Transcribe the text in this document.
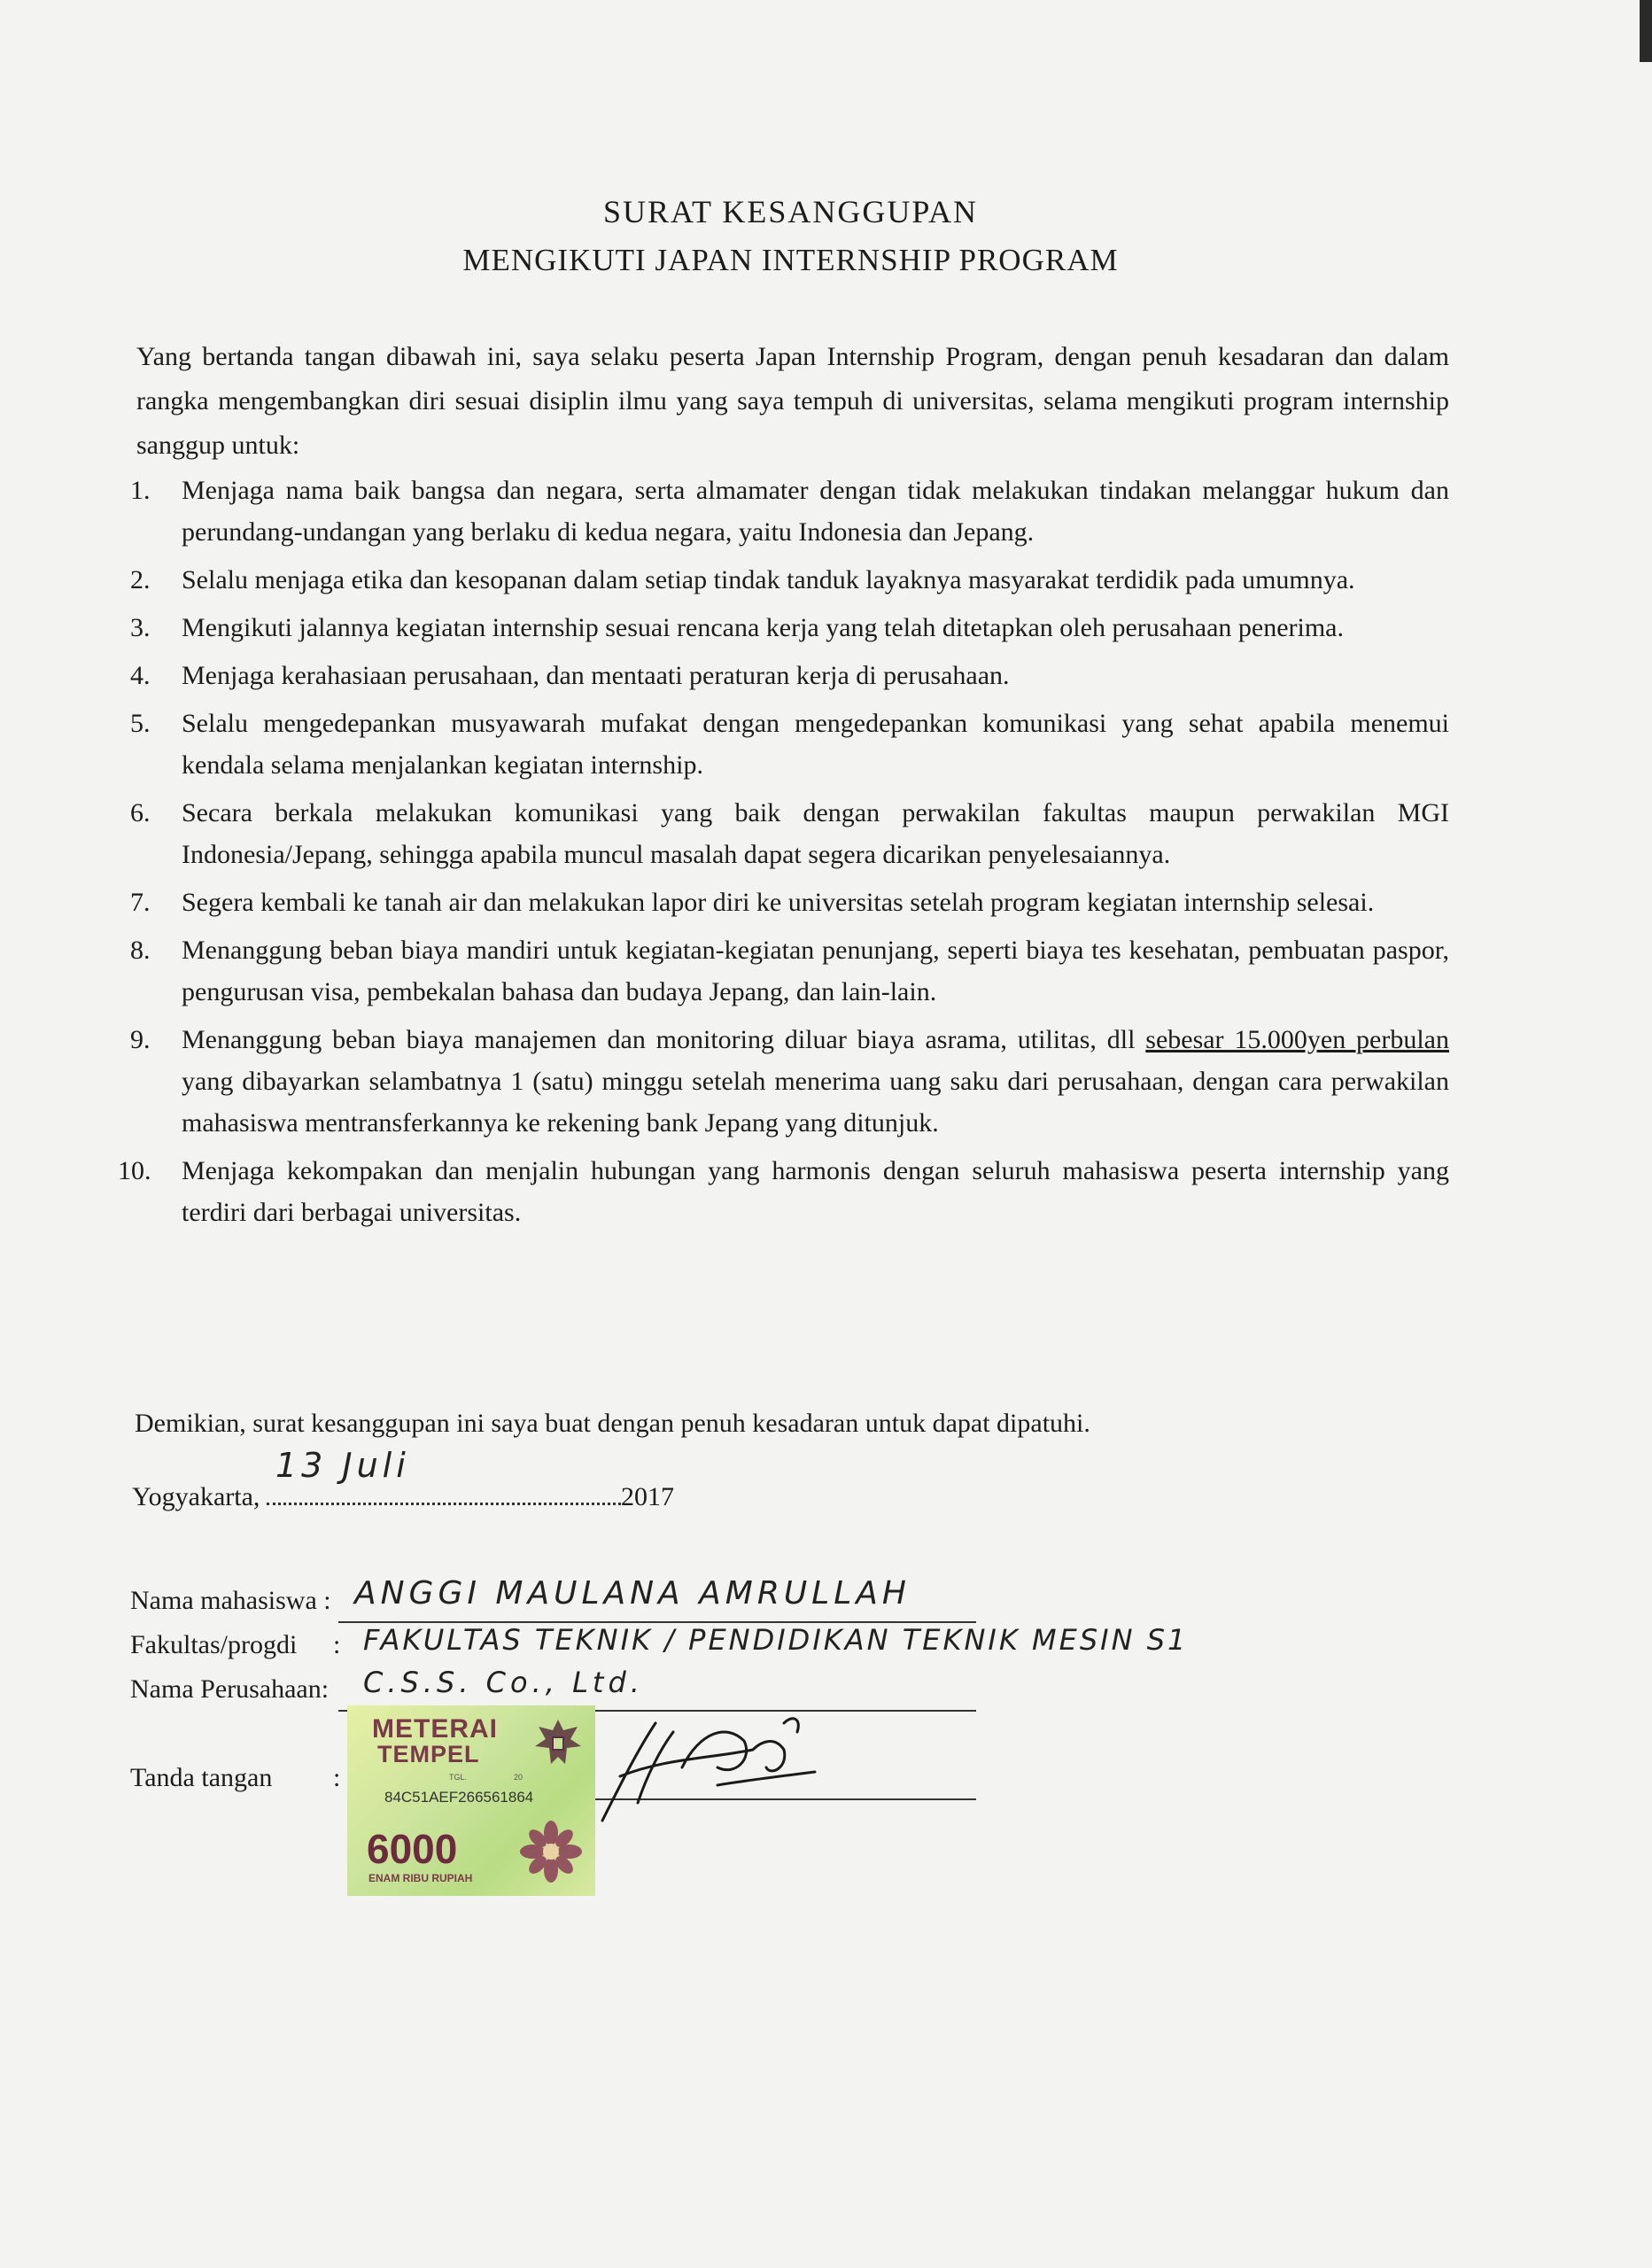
SURAT KESANGGUPAN
MENGIKUTI JAPAN INTERNSHIP PROGRAM
Yang bertanda tangan dibawah ini, saya selaku peserta Japan Internship Program, dengan penuh kesadaran dan dalam rangka mengembangkan diri sesuai disiplin ilmu yang saya tempuh di universitas, selama mengikuti program internship sanggup untuk:
1. Menjaga nama baik bangsa dan negara, serta almamater dengan tidak melakukan tindakan melanggar hukum dan perundang-undangan yang berlaku di kedua negara, yaitu Indonesia dan Jepang.
2. Selalu menjaga etika dan kesopanan dalam setiap tindak tanduk layaknya masyarakat terdidik pada umumnya.
3. Mengikuti jalannya kegiatan internship sesuai rencana kerja yang telah ditetapkan oleh perusahaan penerima.
4. Menjaga kerahasiaan perusahaan, dan mentaati peraturan kerja di perusahaan.
5. Selalu mengedepankan musyawarah mufakat dengan mengedepankan komunikasi yang sehat apabila menemui kendala selama menjalankan kegiatan internship.
6. Secara berkala melakukan komunikasi yang baik dengan perwakilan fakultas maupun perwakilan MGI Indonesia/Jepang, sehingga apabila muncul masalah dapat segera dicarikan penyelesaiannya.
7. Segera kembali ke tanah air dan melakukan lapor diri ke universitas setelah program kegiatan internship selesai.
8. Menanggung beban biaya mandiri untuk kegiatan-kegiatan penunjang, seperti biaya tes kesehatan, pembuatan paspor, pengurusan visa, pembekalan bahasa dan budaya Jepang, dan lain-lain.
9. Menanggung beban biaya manajemen dan monitoring diluar biaya asrama, utilitas, dll sebesar 15.000yen perbulan yang dibayarkan selambatnya 1 (satu) minggu setelah menerima uang saku dari perusahaan, dengan cara perwakilan mahasiswa mentransferkannya ke rekening bank Jepang yang ditunjuk.
10. Menjaga kekompakan dan menjalin hubungan yang harmonis dengan seluruh mahasiswa peserta internship yang terdiri dari berbagai universitas.
Demikian, surat kesanggupan ini saya buat dengan penuh kesadaran untuk dapat dipatuhi.
Yogyakarta,
13 Juli
2017
Nama mahasiswa : ANGGI MAULANA AMRULLAH
Fakultas/progdi : FAKULTAS TEKNIK / PENDIDIKAN TEKNIK MESIN S1
Nama Perusahaan: C.S.S. Co., Ltd.
Tanda tangan :
METERAI
TEMPEL
TGL.	20
84C51AEF266561864
6000
ENAM RIBU RUPIAH
